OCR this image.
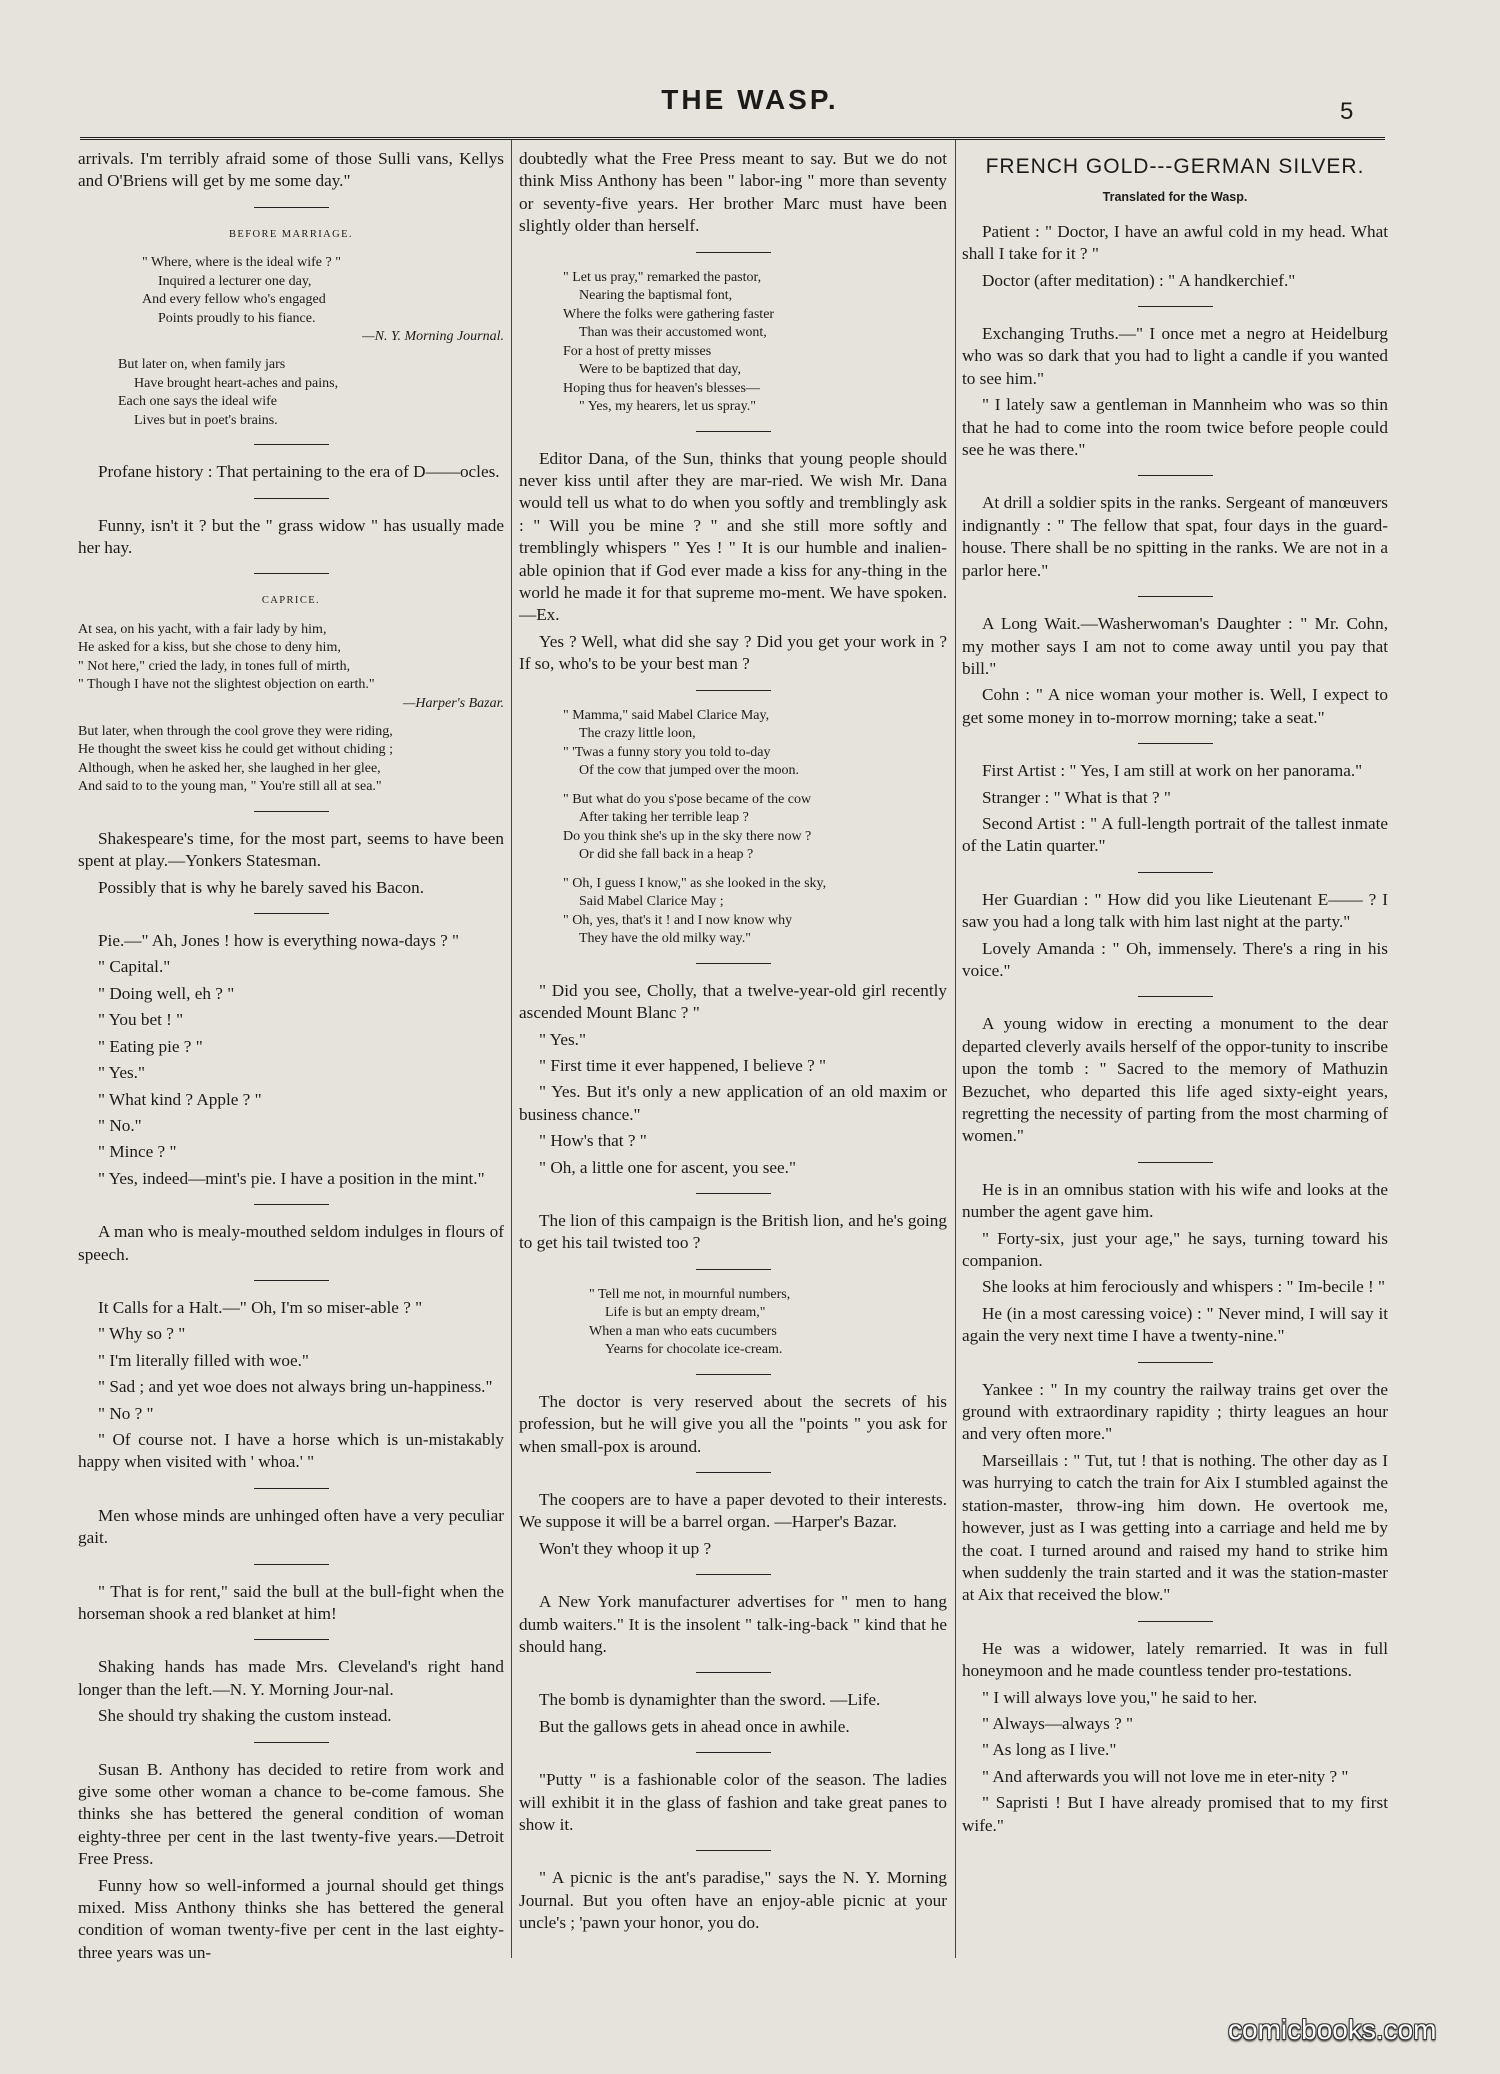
THE WASP.	5

arrivals. I'm terribly afraid some of those Sulli vans, Kellys and O'Briens will get by me some day."

BEFORE MARRIAGE.
" Where, where is the ideal wife ? "
Inquired a lecturer one day,
And every fellow who's engaged
Points proudly to his fiance.
—N. Y. Morning Journal.
But later on, when family jars
Have brought heart-aches and pains,
Each one says the ideal wife
Lives but in poet's brains.

Profane history : That pertaining to the era of D——ocles.

Funny, isn't it ? but the " grass widow " has usually made her hay.

CAPRICE.
At sea, on his yacht, with a fair lady by him,
He asked for a kiss, but she chose to deny him,
" Not here," cried the lady, in tones full of mirth,
" Though I have not the slightest objection on earth."
—Harper's Bazar.
But later, when through the cool grove they were riding,
He thought the sweet kiss he could get without chiding ;
Although, when he asked her, she laughed in her glee,
And said to to the young man, " You're still all at sea."

Shakespeare's time, for the most part, seems to have been spent at play.—Yonkers Statesman.

Possibly that is why he barely saved his Bacon.

Pie.—" Ah, Jones ! how is everything nowa-days ? "

" Capital."

" Doing well, eh ? "

" You bet ! "

" Eating pie ? "

" Yes."

" What kind ? Apple ? "

" No."

" Mince ? "

" Yes, indeed—mint's pie. I have a position in the mint."

A man who is mealy-mouthed seldom indulges in flours of speech.

It Calls for a Halt.—" Oh, I'm so miser-able ? "

" Why so ? "

" I'm literally filled with woe."

" Sad ; and yet woe does not always bring un-happiness."

" No ? "

" Of course not. I have a horse which is un-mistakably happy when visited with ' whoa.' "

Men whose minds are unhinged often have a very peculiar gait.

" That is for rent," said the bull at the bull-fight when the horseman shook a red blanket at him!

Shaking hands has made Mrs. Cleveland's right hand longer than the left.—N. Y. Morning Jour-nal.

She should try shaking the custom instead.

Susan B. Anthony has decided to retire from work and give some other woman a chance to be-come famous. She thinks she has bettered the general condition of woman eighty-three per cent in the last twenty-five years.—Detroit Free Press.

Funny how so well-informed a journal should get things mixed. Miss Anthony thinks she has bettered the general condition of woman twenty-five per cent in the last eighty-three years was un-

doubtedly what the Free Press meant to say. But we do not think Miss Anthony has been " labor-ing " more than seventy or seventy-five years. Her brother Marc must have been slightly older than herself.

" Let us pray," remarked the pastor,
Nearing the baptismal font,
Where the folks were gathering faster
Than was their accustomed wont,
For a host of pretty misses
Were to be baptized that day,
Hoping thus for heaven's blesses—
" Yes, my hearers, let us spray."

Editor Dana, of the Sun, thinks that young people should never kiss until after they are mar-ried. We wish Mr. Dana would tell us what to do when you softly and tremblingly ask : " Will you be mine ? " and she still more softly and tremblingly whispers " Yes ! " It is our humble and inalien-able opinion that if God ever made a kiss for any-thing in the world he made it for that supreme mo-ment. We have spoken.—Ex.

Yes ? Well, what did she say ? Did you get your work in ? If so, who's to be your best man ?

" Mamma," said Mabel Clarice May,
The crazy little loon,
" 'Twas a funny story you told to-day
Of the cow that jumped over the moon.
" But what do you s'pose became of the cow
After taking her terrible leap ?
Do you think she's up in the sky there now ?
Or did she fall back in a heap ?
" Oh, I guess I know," as she looked in the sky,
Said Mabel Clarice May ;
" Oh, yes, that's it ! and I now know why
They have the old milky way."

" Did you see, Cholly, that a twelve-year-old girl recently ascended Mount Blanc ? "

" Yes."

" First time it ever happened, I believe ? "

" Yes. But it's only a new application of an old maxim or business chance."

" How's that ? "

" Oh, a little one for ascent, you see."

The lion of this campaign is the British lion, and he's going to get his tail twisted too ?

" Tell me not, in mournful numbers,
Life is but an empty dream,"
When a man who eats cucumbers
Yearns for chocolate ice-cream.

The doctor is very reserved about the secrets of his profession, but he will give you all the "points " you ask for when small-pox is around.

The coopers are to have a paper devoted to their interests. We suppose it will be a barrel organ. —Harper's Bazar.

Won't they whoop it up ?

A New York manufacturer advertises for " men to hang dumb waiters." It is the insolent " talk-ing-back " kind that he should hang.

The bomb is dynamighter than the sword. —Life.

But the gallows gets in ahead once in awhile.

"Putty " is a fashionable color of the season. The ladies will exhibit it in the glass of fashion and take great panes to show it.

" A picnic is the ant's paradise," says the N. Y. Morning Journal. But you often have an enjoy-able picnic at your uncle's ; 'pawn your honor, you do.

FRENCH GOLD---GERMAN SILVER.
Translated for the Wasp.

Patient : " Doctor, I have an awful cold in my head. What shall I take for it ? "

Doctor (after meditation) : " A handkerchief."

Exchanging Truths.—" I once met a negro at Heidelburg who was so dark that you had to light a candle if you wanted to see him."

" I lately saw a gentleman in Mannheim who was so thin that he had to come into the room twice before people could see he was there."

At drill a soldier spits in the ranks. Sergeant of manœuvers indignantly : " The fellow that spat, four days in the guard-house. There shall be no spitting in the ranks. We are not in a parlor here."

A Long Wait.—Washerwoman's Daughter : " Mr. Cohn, my mother says I am not to come away until you pay that bill."

Cohn : " A nice woman your mother is. Well, I expect to get some money in to-morrow morning; take a seat."

First Artist : " Yes, I am still at work on her panorama."

Stranger : " What is that ? "

Second Artist : " A full-length portrait of the tallest inmate of the Latin quarter."

Her Guardian : " How did you like Lieutenant E—— ? I saw you had a long talk with him last night at the party."

Lovely Amanda : " Oh, immensely. There's a ring in his voice."

A young widow in erecting a monument to the dear departed cleverly avails herself of the oppor-tunity to inscribe upon the tomb : " Sacred to the memory of Mathuzin Bezuchet, who departed this life aged sixty-eight years, regretting the necessity of parting from the most charming of women."

He is in an omnibus station with his wife and looks at the number the agent gave him.

" Forty-six, just your age," he says, turning toward his companion.

She looks at him ferociously and whispers : " Im-becile ! "

He (in a most caressing voice) : " Never mind, I will say it again the very next time I have a twenty-nine."

Yankee : " In my country the railway trains get over the ground with extraordinary rapidity ; thirty leagues an hour and very often more."

Marseillais : " Tut, tut ! that is nothing. The other day as I was hurrying to catch the train for Aix I stumbled against the station-master, throw-ing him down. He overtook me, however, just as I was getting into a carriage and held me by the coat. I turned around and raised my hand to strike him when suddenly the train started and it was the station-master at Aix that received the blow."

He was a widower, lately remarried. It was in full honeymoon and he made countless tender pro-testations.

" I will always love you," he said to her.

" Always—always ? "

" As long as I live."

" And afterwards you will not love me in eter-nity ? "

" Sapristi ! But I have already promised that to my first wife."

comicbooks.com
